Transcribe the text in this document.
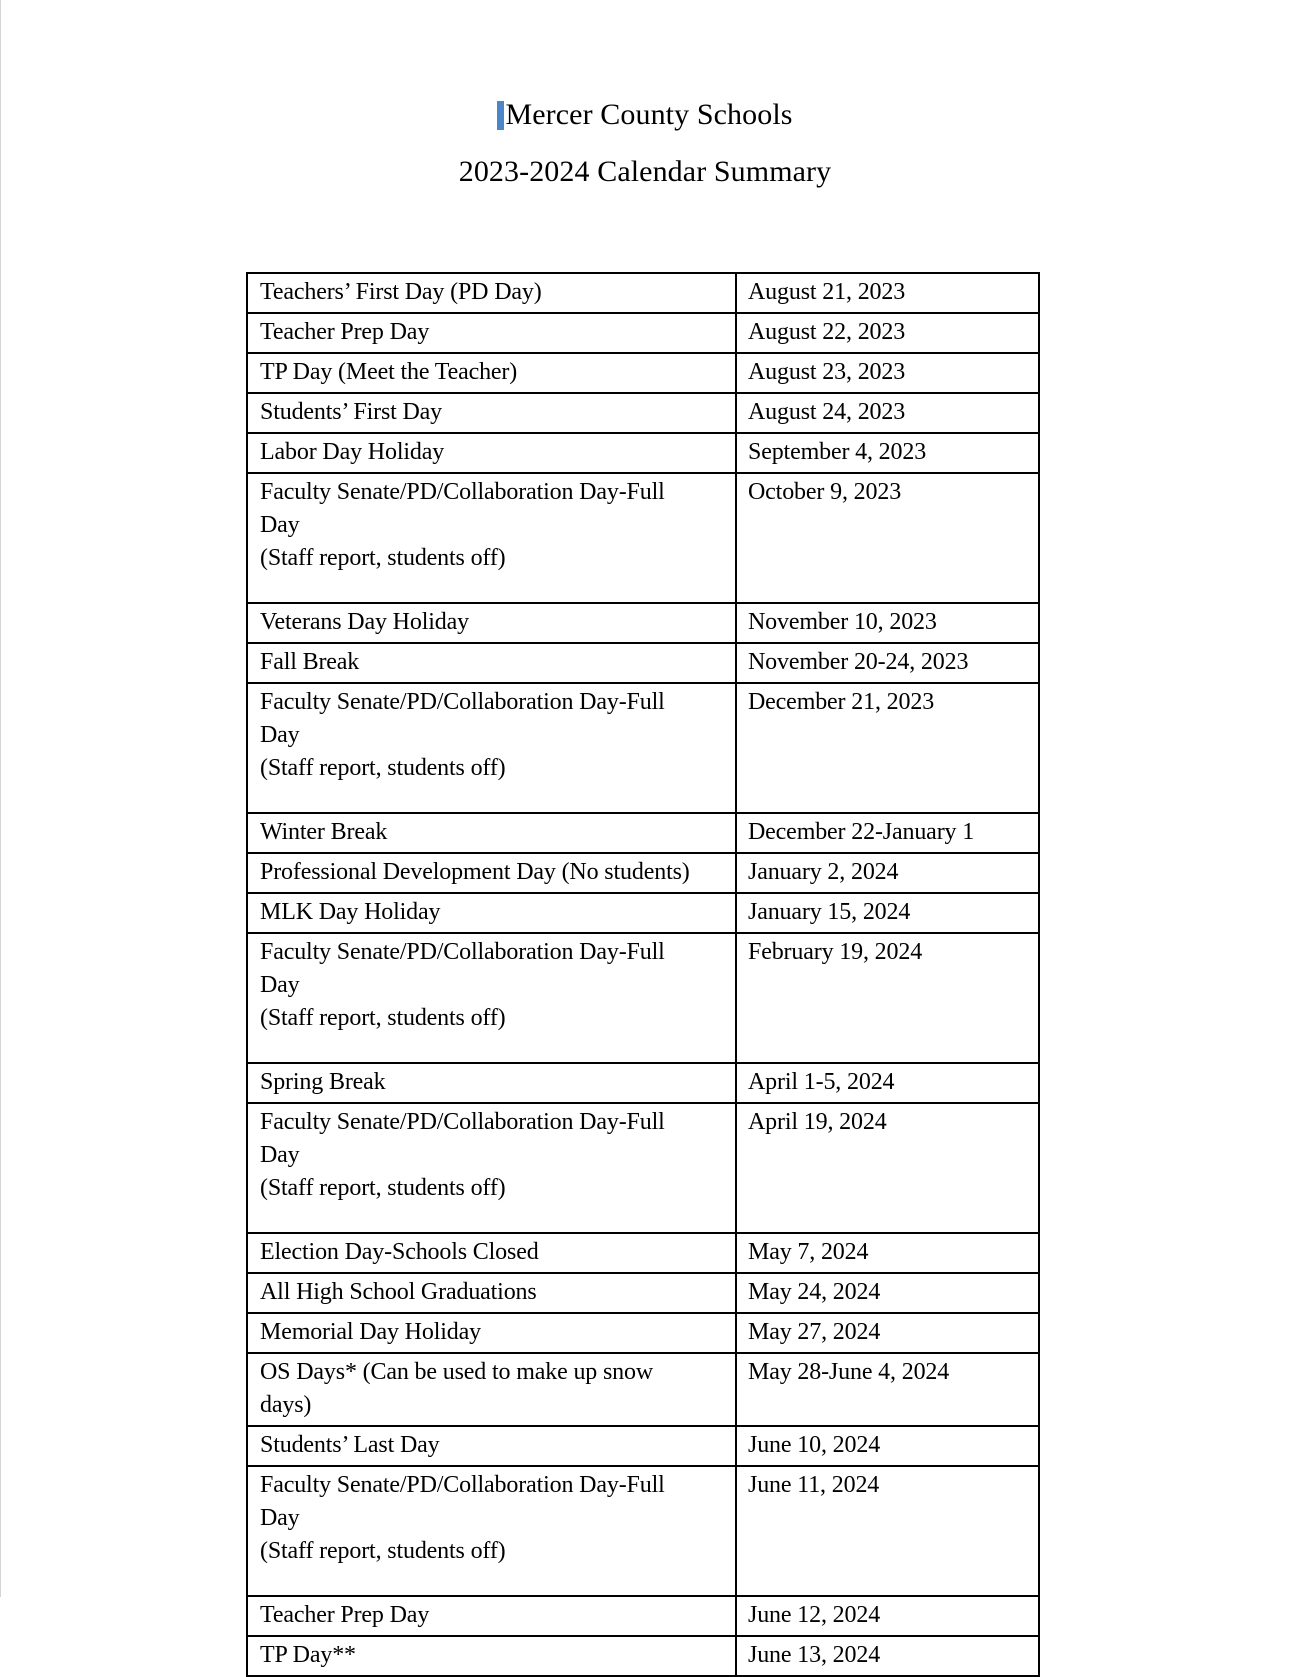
Mercer County Schools
2023-2024 Calendar Summary
Teachers’ First Day (PD Day)	August 21, 2023
Teacher Prep Day	August 22, 2023
TP Day (Meet the Teacher)	August 23, 2023
Students’ First Day	August 24, 2023
Labor Day Holiday	September 4, 2023

Faculty Senate/PD/Collaboration Day-Full
Day
(Staff report, students off)	October 9, 2023
Veterans Day Holiday	November 10, 2023
Fall Break	November 20-24, 2023

Faculty Senate/PD/Collaboration Day-Full
Day
(Staff report, students off)	December 21, 2023
Winter Break	December 22-January 1
Professional Development Day (No students)	January 2, 2024
MLK Day Holiday	January 15, 2024

Faculty Senate/PD/Collaboration Day-Full
Day
(Staff report, students off)	February 19, 2024
Spring Break	April 1-5, 2024

Faculty Senate/PD/Collaboration Day-Full
Day
(Staff report, students off)	April 19, 2024
Election Day-Schools Closed	May 7, 2024
All High School Graduations	May 24, 2024
Memorial Day Holiday	May 27, 2024

OS Days* (Can be used to make up snow
days)	May 28-June 4, 2024
Students’ Last Day	June 10, 2024

Faculty Senate/PD/Collaboration Day-Full
Day
(Staff report, students off)	June 11, 2024
Teacher Prep Day	June 12, 2024
TP Day**	June 13, 2024
